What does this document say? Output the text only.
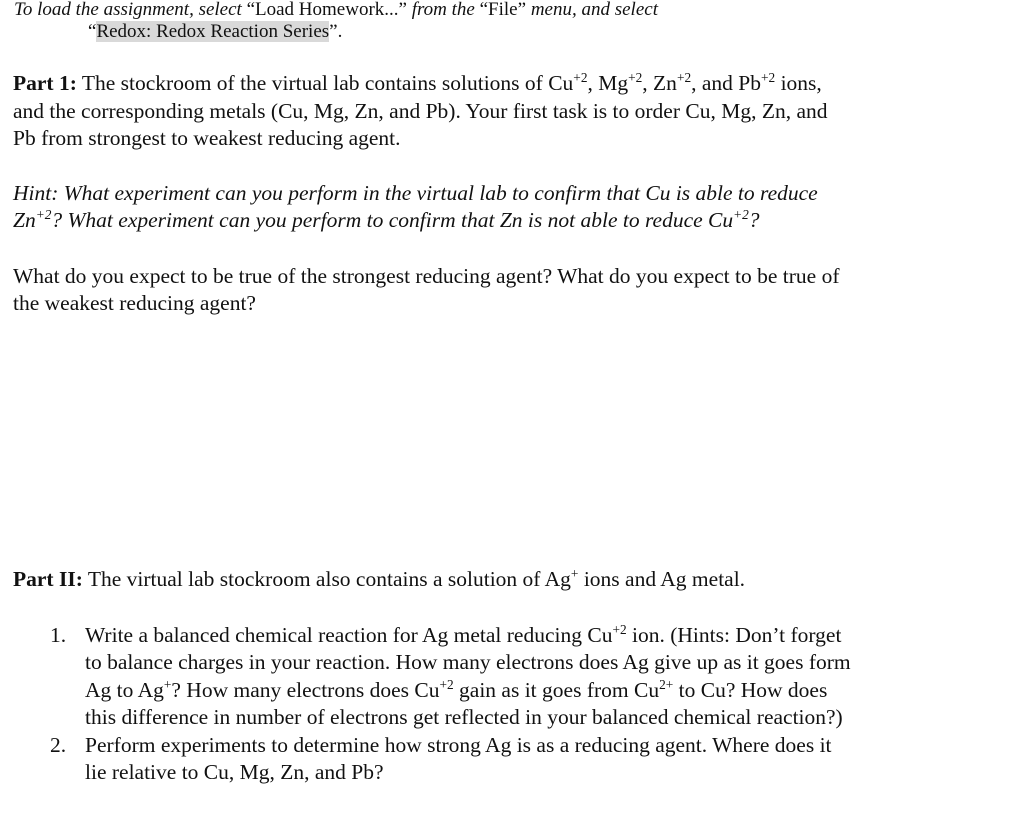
To load the assignment, select “Load Homework...” from the “File” menu, and select
“Redox: Redox Reaction Series”.
Part 1: The stockroom of the virtual lab contains solutions of $Cu^{+2}$, $Mg^{+2}$, $Zn^{+2}$, and $Pb^{+2}$ ions,
and the corresponding metals (Cu, Mg, Zn, and Pb). Your first task is to order Cu, Mg, Zn, and
Pb from strongest to weakest reducing agent.
Hint: What experiment can you perform in the virtual lab to confirm that Cu is able to reduce
$Zn^{+2}$? What experiment can you perform to confirm that Zn is not able to reduce $Cu^{+2}$?
What do you expect to be true of the strongest reducing agent? What do you expect to be true of
the weakest reducing agent?
Part II: The virtual lab stockroom also contains a solution of Ag+ ions and Ag metal.
1. Write a balanced chemical reaction for Ag metal reducing $Cu^{+2}$ ion. (Hints: Don’t forget
to balance charges in your reaction. How many electrons does Ag give up as it goes form
Ag to Ag+? How many electrons does $Cu^{+2}$ gain as it goes from $Cu^{2+}$ to Cu? How does
this difference in number of electrons get reflected in your balanced chemical reaction?)
2. Perform experiments to determine how strong Ag is as a reducing agent. Where does it
lie relative to Cu, Mg, Zn, and Pb?
